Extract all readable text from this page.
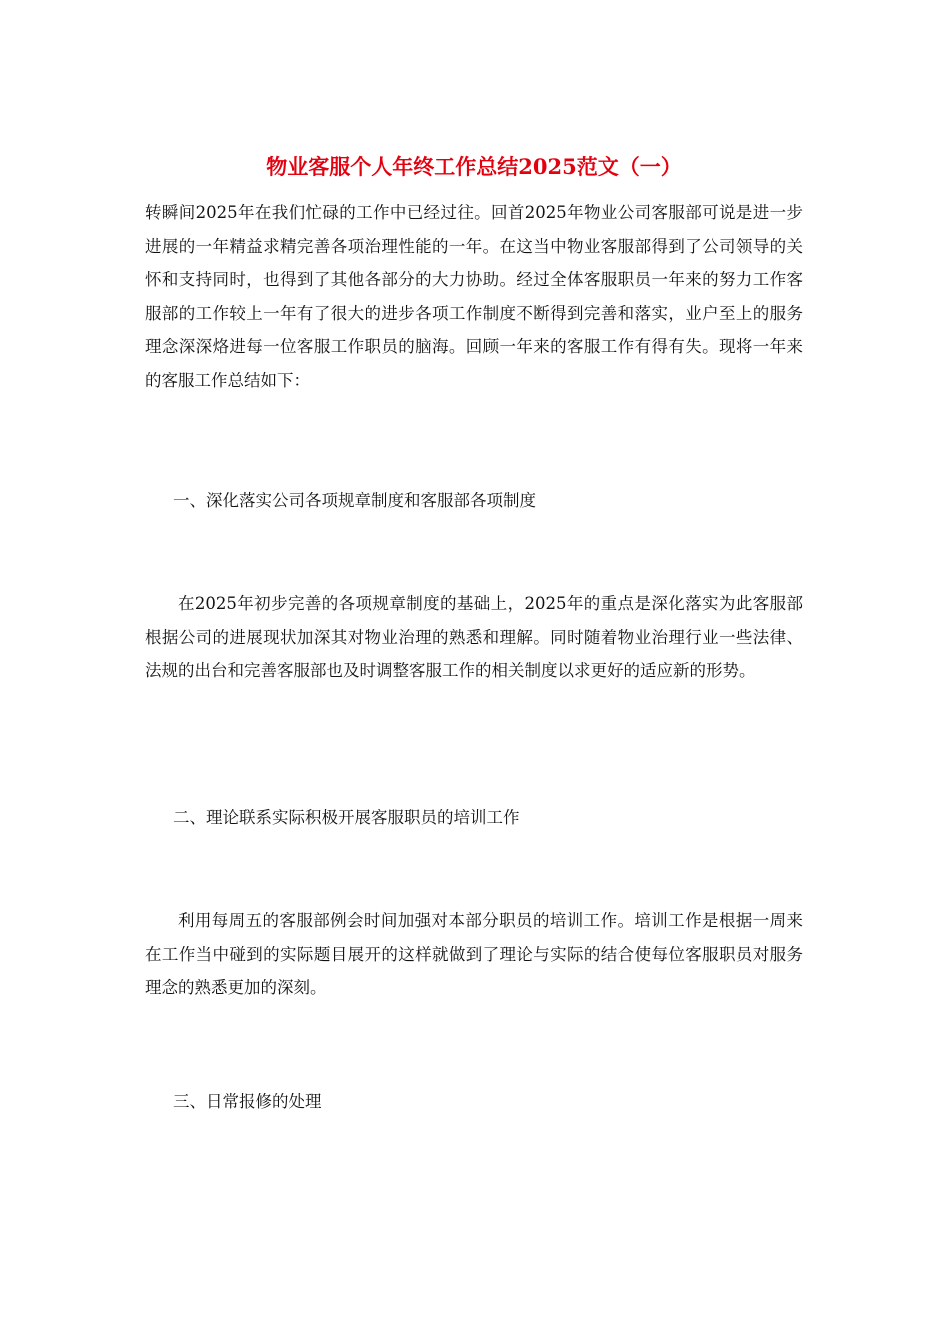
物业客服个人年终工作总结2025范文（一）

转瞬间2025年在我们忙碌的工作中已经过往。回首2025年物业公司客服部可说是进一步进展的一年精益求精完善各项治理性能的一年。在这当中物业客服部得到了公司领导的关怀和支持同时，也得到了其他各部分的大力协助。经过全体客服职员一年来的努力工作客服部的工作较上一年有了很大的进步各项工作制度不断得到完善和落实，业户至上的服务理念深深烙进每一位客服工作职员的脑海。回顾一年来的客服工作有得有失。现将一年来的客服工作总结如下：

一、深化落实公司各项规章制度和客服部各项制度

在2025年初步完善的各项规章制度的基础上，2025年的重点是深化落实为此客服部根据公司的进展现状加深其对物业治理的熟悉和理解。同时随着物业治理行业一些法律、法规的出台和完善客服部也及时调整客服工作的相关制度以求更好的适应新的形势。

二、理论联系实际积极开展客服职员的培训工作

利用每周五的客服部例会时间加强对本部分职员的培训工作。培训工作是根据一周来在工作当中碰到的实际题目展开的这样就做到了理论与实际的结合使每位客服职员对服务理念的熟悉更加的深刻。

三、日常报修的处理
